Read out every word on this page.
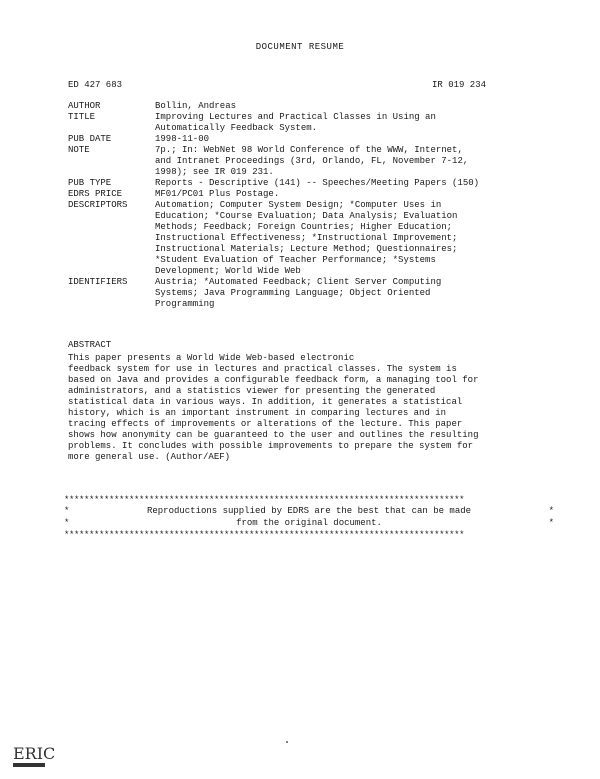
DOCUMENT RESUME
ED 427 683	IR 019 234
AUTHOR	Bollin, Andreas
TITLE	Improving Lectures and Practical Classes in Using an
Automatically Feedback System.
PUB DATE	1998-11-00
NOTE	7p.; In: WebNet 98 World Conference of the WWW, Internet,
and Intranet Proceedings (3rd, Orlando, FL, November 7-12,
1998); see IR 019 231.
PUB TYPE	Reports - Descriptive (141) -- Speeches/Meeting Papers (150)
EDRS PRICE	MF01/PC01 Plus Postage.
DESCRIPTORS	Automation; Computer System Design; *Computer Uses in
Education; *Course Evaluation; Data Analysis; Evaluation
Methods; Feedback; Foreign Countries; Higher Education;
Instructional Effectiveness; *Instructional Improvement;
Instructional Materials; Lecture Method; Questionnaires;
*Student Evaluation of Teacher Performance; *Systems
Development; World Wide Web
IDENTIFIERS	Austria; *Automated Feedback; Client Server Computing
Systems; Java Programming Language; Object Oriented
Programming
ABSTRACT
This paper presents a World Wide Web-based electronic
feedback system for use in lectures and practical classes. The system is
based on Java and provides a configurable feedback form, a managing tool for
administrators, and a statistics viewer for presenting the generated
statistical data in various ways. In addition, it generates a statistical
history, which is an important instrument in comparing lectures and in
tracing effects of improvements or alterations of the lecture. This paper
shows how anonymity can be guaranteed to the user and outlines the resulting
problems. It concludes with possible improvements to prepare the system for
more general use. (Author/AEF)
********************************************************************************
*	Reproductions supplied by EDRS are the best that can be made	*
*	from the original document.	*
********************************************************************************
ERIC
